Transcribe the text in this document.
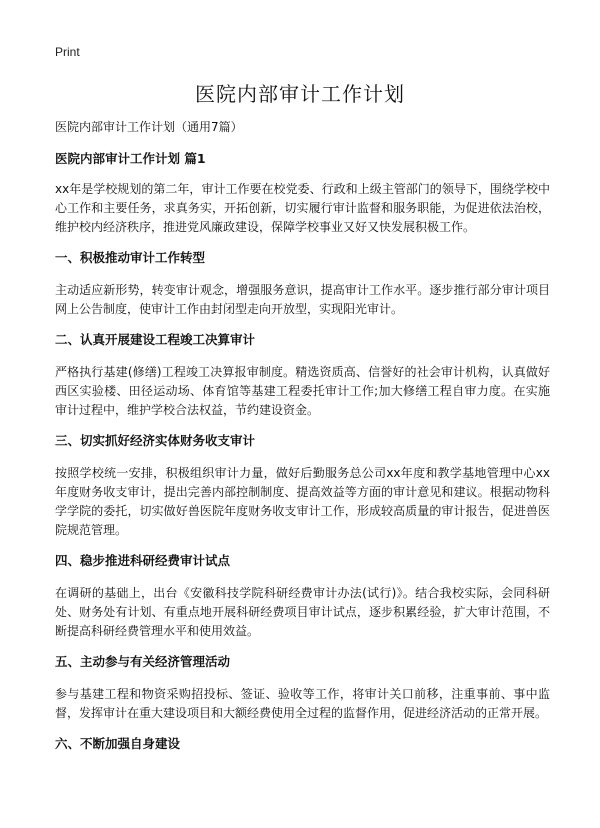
Print
医院内部审计工作计划

医院内部审计工作计划（通用7篇）

医院内部审计工作计划 篇1

xx年是学校规划的第二年，审计工作要在校党委、行政和上级主管部门的领导下，围绕学校中心工作和主要任务，求真务实，开拓创新，切实履行审计监督和服务职能，为促进依法治校，维护校内经济秩序，推进党风廉政建设，保障学校事业又好又快发展积极工作。

一、积极推动审计工作转型

主动适应新形势，转变审计观念，增强服务意识，提高审计工作水平。逐步推行部分审计项目网上公告制度，使审计工作由封闭型走向开放型，实现阳光审计。

二、认真开展建设工程竣工决算审计

严格执行基建(修缮)工程竣工决算报审制度。精选资质高、信誉好的社会审计机构，认真做好西区实验楼、田径运动场、体育馆等基建工程委托审计工作;加大修缮工程自审力度。在实施审计过程中，维护学校合法权益，节约建设资金。

三、切实抓好经济实体财务收支审计

按照学校统一安排，积极组织审计力量，做好后勤服务总公司xx年度和教学基地管理中心xx年度财务收支审计，提出完善内部控制制度、提高效益等方面的审计意见和建议。根据动物科学学院的委托，切实做好兽医院年度财务收支审计工作，形成较高质量的审计报告，促进兽医院规范管理。

四、稳步推进科研经费审计试点

在调研的基础上，出台《安徽科技学院科研经费审计办法(试行)》。结合我校实际，会同科研处、财务处有计划、有重点地开展科研经费项目审计试点，逐步积累经验，扩大审计范围，不断提高科研经费管理水平和使用效益。

五、主动参与有关经济管理活动

参与基建工程和物资采购招投标、签证、验收等工作，将审计关口前移，注重事前、事中监督，发挥审计在重大建设项目和大额经费使用全过程的监督作用，促进经济活动的正常开展。

六、不断加强自身建设
